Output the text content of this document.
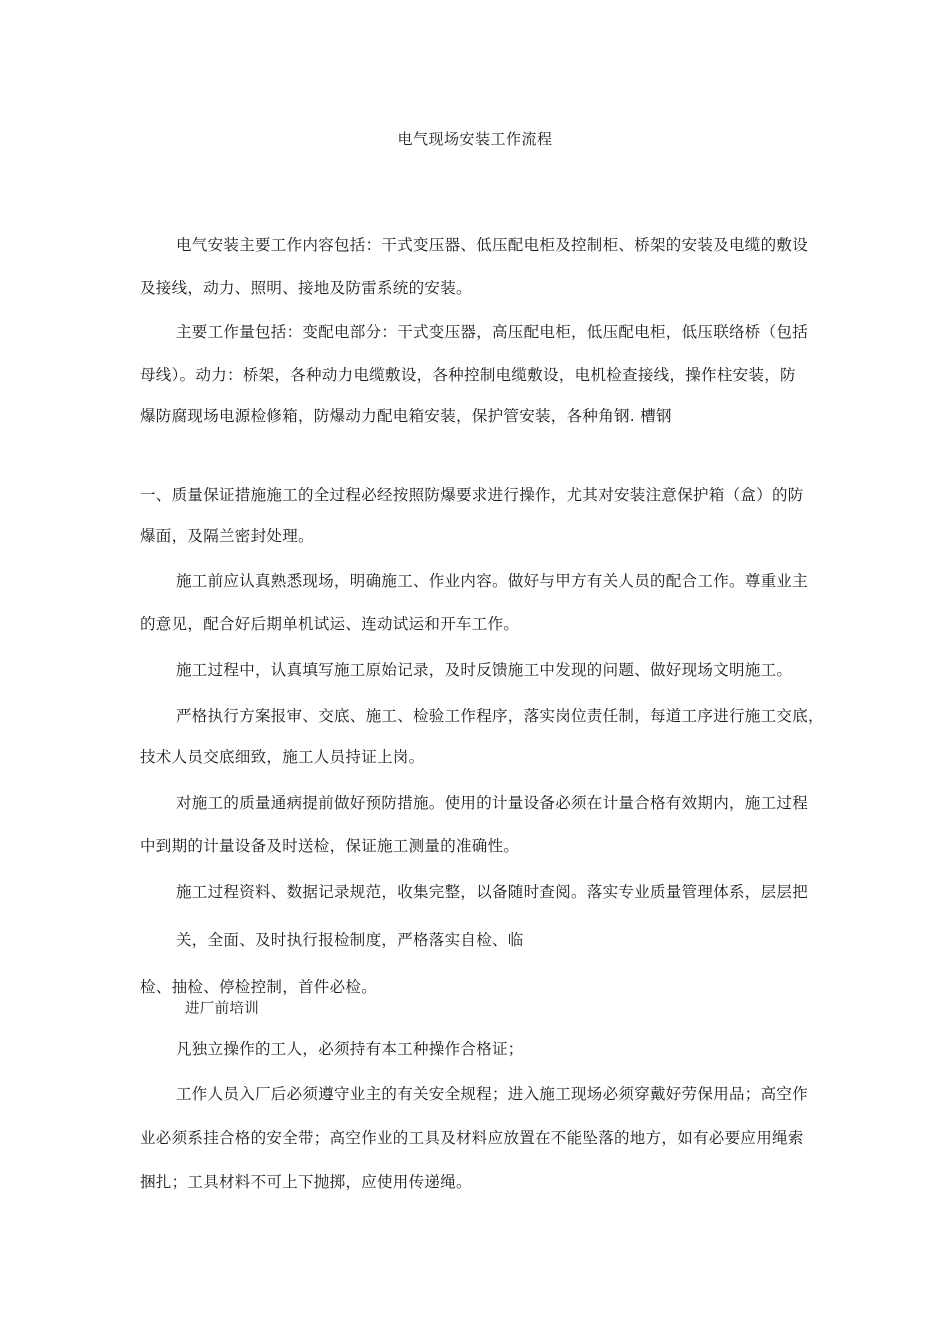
电气现场安装工作流程
电气安装主要工作内容包括：干式变压器、低压配电柜及控制柜、桥架的安装及电缆的敷设
及接线，动力、照明、接地及防雷系统的安装。
主要工作量包括：变配电部分：干式变压器，高压配电柜，低压配电柜，低压联络桥（包括
母线）。动力：桥架，各种动力电缆敷设，各种控制电缆敷设，电机检查接线，操作柱安装，防
爆防腐现场电源检修箱，防爆动力配电箱安装，保护管安装，各种角钢. 槽钢
一、质量保证措施施工的全过程必经按照防爆要求进行操作，尤其对安装注意保护箱（盒）的防
爆面，及隔兰密封处理。
施工前应认真熟悉现场，明确施工、作业内容。做好与甲方有关人员的配合工作。尊重业主
的意见，配合好后期单机试运、连动试运和开车工作。
施工过程中，认真填写施工原始记录，及时反馈施工中发现的问题、做好现场文明施工。
严格执行方案报审、交底、施工、检验工作程序，落实岗位责任制，每道工序进行施工交底，
技术人员交底细致，施工人员持证上岗。
对施工的质量通病提前做好预防措施。使用的计量设备必须在计量合格有效期内，施工过程
中到期的计量设备及时送检，保证施工测量的准确性。
施工过程资料、数据记录规范，收集完整，以备随时查阅。落实专业质量管理体系，层层把
关，全面、及时执行报检制度，严格落实自检、临
检、抽检、停检控制，首件必检。
进厂前培训
凡独立操作的工人，必须持有本工种操作合格证；
工作人员入厂后必须遵守业主的有关安全规程；进入施工现场必须穿戴好劳保用品；高空作
业必须系挂合格的安全带；高空作业的工具及材料应放置在不能坠落的地方，如有必要应用绳索
捆扎；工具材料不可上下抛掷，应使用传递绳。
